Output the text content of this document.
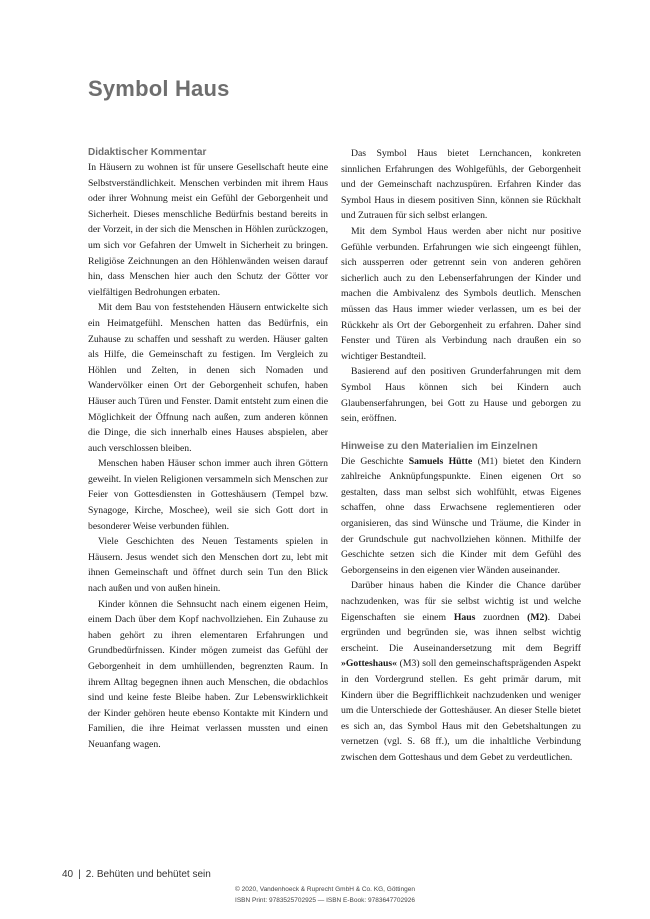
Symbol Haus
Didaktischer Kommentar

In Häusern zu wohnen ist für unsere Gesellschaft heute eine Selbstverständlichkeit. Menschen verbinden mit ihrem Haus oder ihrer Wohnung meist ein Gefühl der Geborgenheit und Sicherheit. Dieses menschliche Bedürfnis bestand bereits in der Vorzeit, in der sich die Menschen in Höhlen zurückzogen, um sich vor Gefahren der Umwelt in Sicherheit zu bringen. Religiöse Zeichnungen an den Höhlenwänden weisen darauf hin, dass Menschen hier auch den Schutz der Götter vor vielfältigen Bedrohungen erbaten.

Mit dem Bau von feststehenden Häusern entwickelte sich ein Heimatgefühl. Menschen hatten das Bedürfnis, ein Zuhause zu schaffen und sesshaft zu werden. Häuser galten als Hilfe, die Gemeinschaft zu festigen. Im Vergleich zu Höhlen und Zelten, in denen sich Nomaden und Wandervölker einen Ort der Geborgenheit schufen, haben Häuser auch Türen und Fenster. Damit entsteht zum einen die Möglichkeit der Öffnung nach außen, zum anderen können die Dinge, die sich innerhalb eines Hauses abspielen, aber auch verschlossen bleiben.

Menschen haben Häuser schon immer auch ihren Göttern geweiht. In vielen Religionen versammeln sich Menschen zur Feier von Gottesdiensten in Gotteshäusern (Tempel bzw. Synagoge, Kirche, Moschee), weil sie sich Gott dort in besonderer Weise verbunden fühlen.

Viele Geschichten des Neuen Testaments spielen in Häusern. Jesus wendet sich den Menschen dort zu, lebt mit ihnen Gemeinschaft und öffnet durch sein Tun den Blick nach außen und von außen hinein.

Kinder können die Sehnsucht nach einem eigenen Heim, einem Dach über dem Kopf nachvollziehen. Ein Zuhause zu haben gehört zu ihren elementaren Erfahrungen und Grundbedürfnissen. Kinder mögen zumeist das Gefühl der Geborgenheit in dem umhüllenden, begrenzten Raum. In ihrem Alltag begegnen ihnen auch Menschen, die obdachlos sind und keine feste Bleibe haben. Zur Lebenswirklichkeit der Kinder gehören heute ebenso Kontakte mit Kindern und Familien, die ihre Heimat verlassen mussten und einen Neuanfang wagen.

Das Symbol Haus bietet Lernchancen, konkreten sinnlichen Erfahrungen des Wohlgefühls, der Geborgenheit und der Gemeinschaft nachzuspüren. Erfahren Kinder das Symbol Haus in diesem positiven Sinn, können sie Rückhalt und Zutrauen für sich selbst erlangen.

Mit dem Symbol Haus werden aber nicht nur positive Gefühle verbunden. Erfahrungen wie sich eingeengt fühlen, sich aussperren oder getrennt sein von anderen gehören sicherlich auch zu den Lebenserfahrungen der Kinder und machen die Ambivalenz des Symbols deutlich. Menschen müssen das Haus immer wieder verlassen, um es bei der Rückkehr als Ort der Geborgenheit zu erfahren. Daher sind Fenster und Türen als Verbindung nach draußen ein so wichtiger Bestandteil.

Basierend auf den positiven Grunderfahrungen mit dem Symbol Haus können sich bei Kindern auch Glaubenserfahrungen, bei Gott zu Hause und geborgen zu sein, eröffnen.

Hinweise zu den Materialien im Einzelnen

Die Geschichte Samuels Hütte (M1) bietet den Kindern zahlreiche Anknüpfungspunkte. Einen eigenen Ort so gestalten, dass man selbst sich wohlfühlt, etwas Eigenes schaffen, ohne dass Erwachsene reglementieren oder organisieren, das sind Wünsche und Träume, die Kinder in der Grundschule gut nachvollziehen können. Mithilfe der Geschichte setzen sich die Kinder mit dem Gefühl des Geborgenseins in den eigenen vier Wänden auseinander.

Darüber hinaus haben die Kinder die Chance darüber nachzudenken, was für sie selbst wichtig ist und welche Eigenschaften sie einem Haus zuordnen (M2). Dabei ergründen und begründen sie, was ihnen selbst wichtig erscheint. Die Auseinandersetzung mit dem Begriff »Gotteshaus« (M3) soll den gemeinschaftsprägenden Aspekt in den Vordergrund stellen. Es geht primär darum, mit Kindern über die Begrifflichkeit nachzudenken und weniger um die Unterschiede der Gotteshäuser. An dieser Stelle bietet es sich an, das Symbol Haus mit den Gebetshaltungen zu vernetzen (vgl. S. 68 ff.), um die inhaltliche Verbindung zwischen dem Gotteshaus und dem Gebet zu verdeutlichen.

40 | 2. Behüten und behütet sein
© 2020, Vandenhoeck & Ruprecht GmbH & Co. KG, Göttingen
ISBN Print: 9783525702925 — ISBN E-Book: 9783647702926
